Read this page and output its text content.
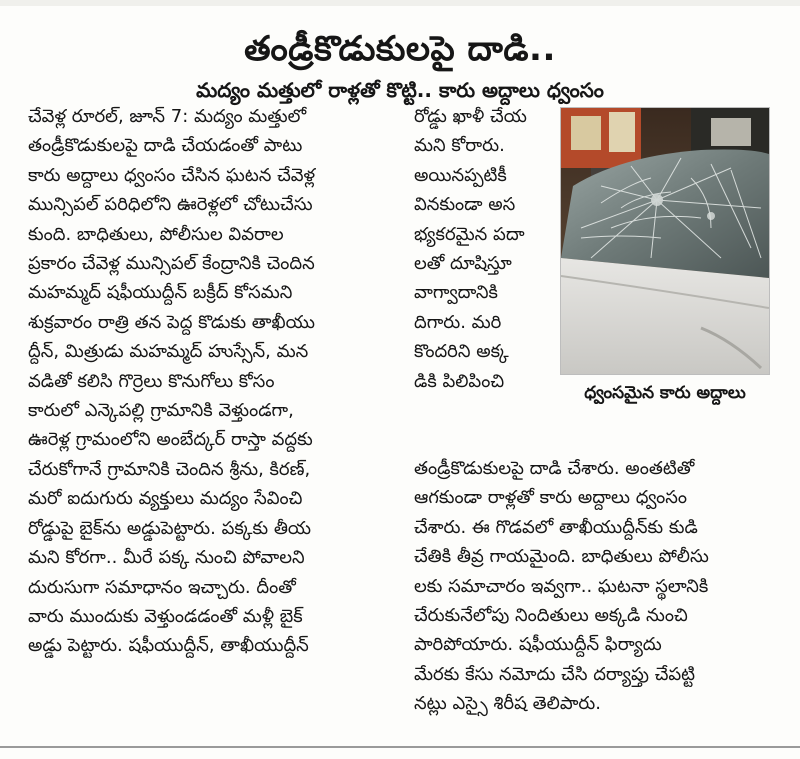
తండ్రీకొడుకులపై దాడి..
మద్యం మత్తులో రాళ్లతో కొట్టి.. కారు అద్దాలు ధ్వంసం

చేవెళ్ల రూరల్, జూన్ 7: మద్యం మత్తులో

తండ్రీకొడుకులపై దాడి చేయడంతో పాటు

కారు అద్దాలు ధ్వంసం చేసిన ఘటన చేవెళ్ల

మున్సిపల్ పరిధిలోని ఊరెళ్లలో చోటుచేసు

కుంది. బాధితులు, పోలీసుల వివరాల

ప్రకారం చేవెళ్ల మున్సిపల్ కేంద్రానికి చెందిన

మహమ్మద్ షఫీయుద్దీన్ బక్రీద్ కోసమని

శుక్రవారం రాత్రి తన పెద్ద కొడుకు తాఖీయు

ద్దీన్, మిత్రుడు మహమ్మద్ హుస్సేన్, మన

వడితో కలిసి గొర్రెలు కొనుగోలు కోసం

కారులో ఎన్కెపల్లి గ్రామానికి వెళ్తుండగా,

ఊరెళ్ల గ్రామంలోని అంబేద్కర్ రాస్తా వద్దకు

చేరుకోగానే గ్రామానికి చెందిన శ్రీను, కిరణ్,

మరో ఐదుగురు వ్యక్తులు మద్యం సేవించి

రోడ్డుపై బైక్‌ను అడ్డుపెట్టారు. పక్కకు తీయ

మని కోరగా.. మీరే పక్క నుంచి పోవాలని

దురుసుగా సమాధానం ఇచ్చారు. దీంతో

వారు ముందుకు వెళ్తుండడంతో మళ్లీ బైక్

అడ్డు పెట్టారు. షఫీయుద్దీన్, తాఖీయుద్దీన్

రోడ్డు ఖాళీ చేయ

మని కోరారు.

అయినప్పటికీ

వినకుండా అస

భ్యకరమైన పదా

లతో దూషిస్తూ

వాగ్వాదానికి

దిగారు. మరి

కొందరిని అక్క

డికి పిలిపించి

ధ్వంసమైన కారు అద్దాలు

తండ్రీకొడుకులపై దాడి చేశారు. అంతటితో

ఆగకుండా రాళ్లతో కారు అద్దాలు ధ్వంసం

చేశారు. ఈ గొడవలో తాఖీయుద్దీన్‌కు కుడి

చేతికి తీవ్ర గాయమైంది. బాధితులు పోలీసు

లకు సమాచారం ఇవ్వగా.. ఘటనా స్థలానికి

చేరుకునేలోపు నిందితులు అక్కడి నుంచి

పారిపోయారు. షఫీయుద్దీన్ ఫిర్యాదు

మేరకు కేసు నమోదు చేసి దర్యాప్తు చేపట్టి

నట్లు ఎస్సై శిరీష తెలిపారు.
